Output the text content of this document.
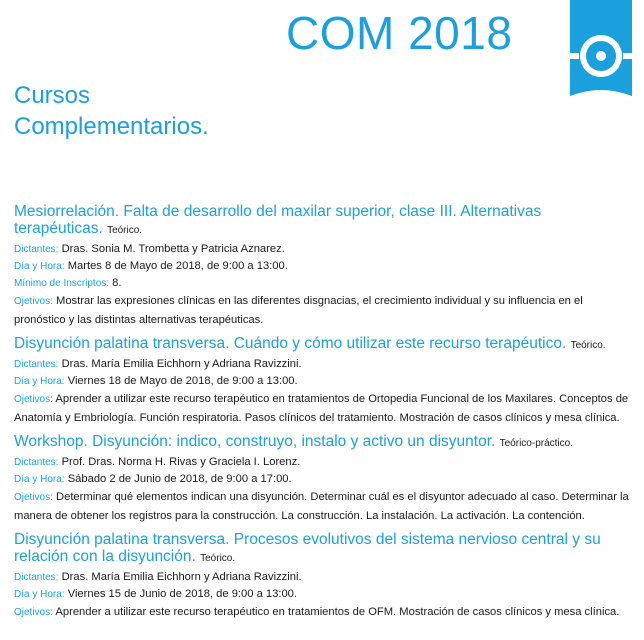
COM 2018
Cursos
Complementarios.
Mesiorrelación. Falta de desarrollo del maxilar superior, clase III. Alternativas terapéuticas. Teórico.
Dictantes: Dras. Sonia M. Trombetta y Patricia Aznarez.
Día y Hora: Martes 8 de Mayo de 2018, de 9:00 a 13:00.
Mínimo de Inscriptos: 8.
Ojetivos: Mostrar las expresiones clínicas en las diferentes disgnacias, el crecimiento individual y su influencia en el pronóstico y las distintas alternativas terapéuticas.
Disyunción palatina transversa. Cuándo y cómo utilizar este recurso terapéutico. Teórico.
Dictantes: Dras. María Emilia Eichhorn y Adriana Ravizzini.
Día y Hora: Viernes 18 de Mayo de 2018, de 9:00 a 13:00.
Ojetivos: Aprender a utilizar este recurso terapéutico en tratamientos de Ortopedia Funcional de los Maxilares. Conceptos de Anatomía y Embriología. Función respiratoria. Pasos clínicos del tratamiento. Mostración de casos clínicos y mesa clínica.
Workshop. Disyunción: indico, construyo, instalo y activo un disyuntor. Teórico-práctico.
Dictantes: Prof. Dras. Norma H. Rivas y Graciela I. Lorenz.
Día y Hora: Sábado 2 de Junio de 2018, de 9:00 a 17:00.
Ojetivos: Determinar qué elementos indican una disyunción. Determinar cuál es el disyuntor adecuado al caso. Determinar la manera de obtener los registros para la construcción. La construcción. La instalación. La activación. La contención.
Disyunción palatina transversa. Procesos evolutivos del sistema nervioso central y su relación con la disyunción. Teórico.
Dictantes: Dras. María Emilia Eichhorn y Adriana Ravizzini.
Día y Hora: Viernes 15 de Junio de 2018, de 9:00 a 13:00.
Ojetivos: Aprender a utilizar este recurso terapéutico en tratamientos de OFM. Mostración de casos clínicos y mesa clínica.
